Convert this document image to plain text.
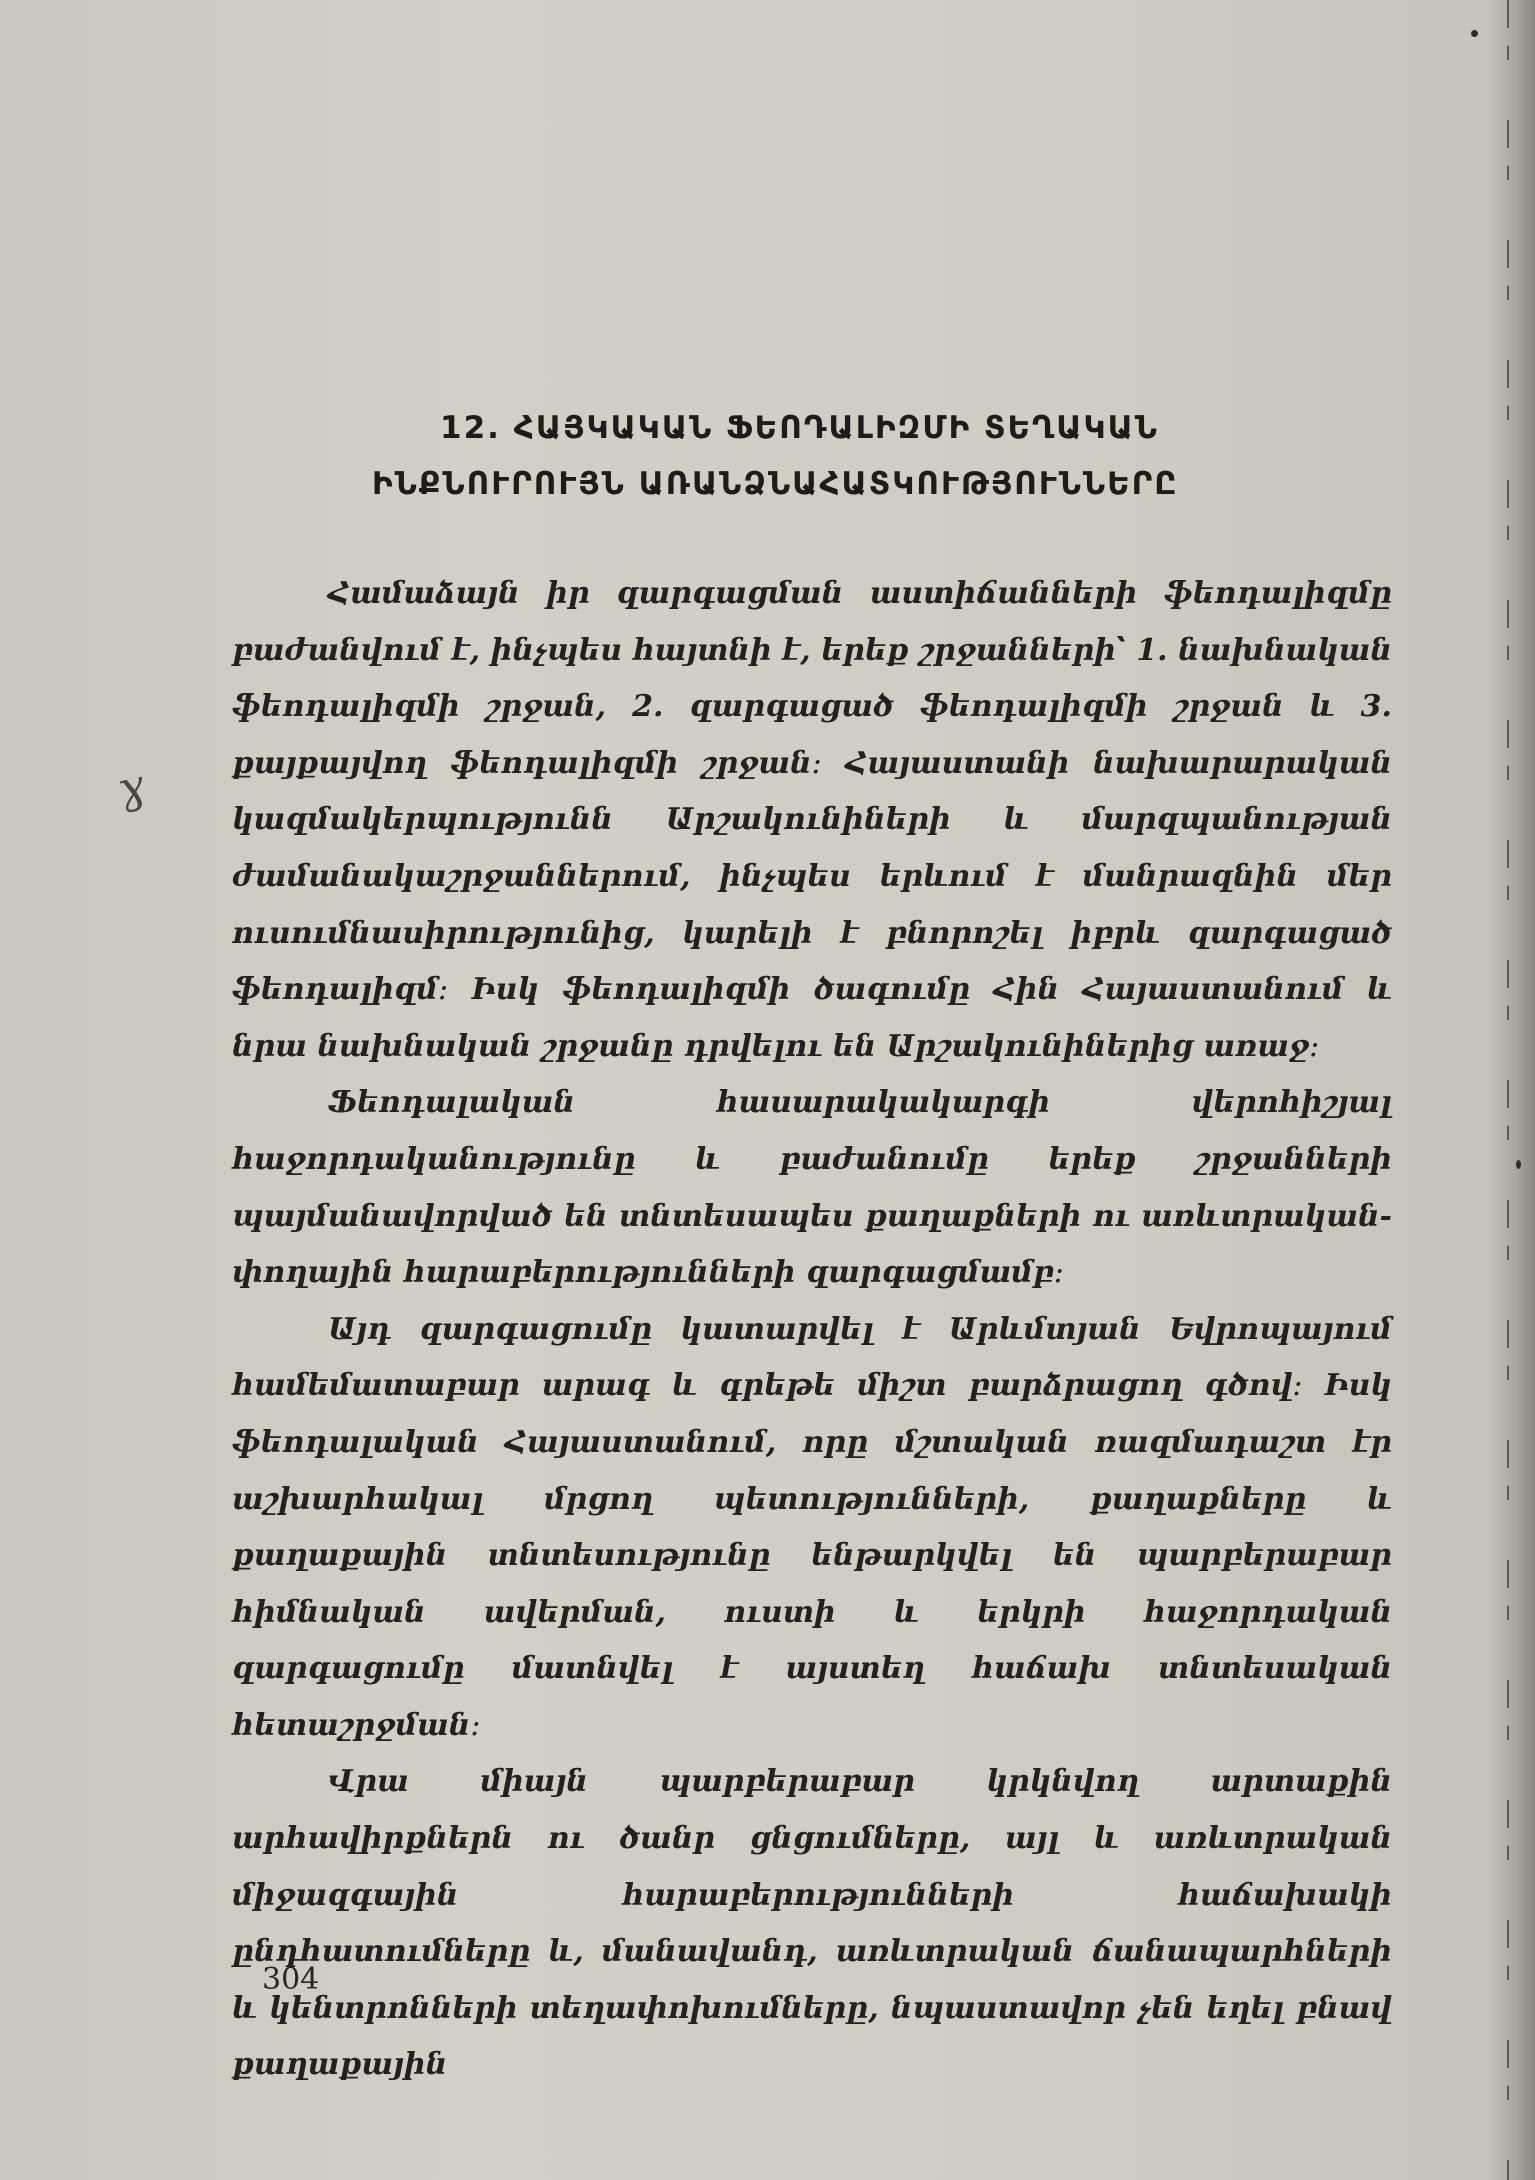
12. ՀԱՅԿԱԿԱՆ ՖԵՈԴԱԼԻԶՄԻ ՏԵՂԱԿԱՆ
ԻՆՔՆՈՒՐՈՒՅՆ ԱՌԱՆՁՆԱՀԱՏԿՈՒԹՅՈՒՆՆԵՐԸ
ɣ

Համաձայն իր զարգացման աստիճանների ֆեոդալիզմը բաժանվում է, ինչպես հայտնի է, երեք շրջանների՝ 1. նախնական ֆեոդալիզմի շրջան, 2. զարգացած ֆեոդալիզմի շրջան և 3. քայքայվող ֆեոդալիզմի շրջան։ Հայաստանի նախարարական կազմակերպությունն Արշակունիների և մարզպանության ժամանակաշրջաններում, ինչպես երևում է մանրազնին մեր ուսումնասիրությունից, կարելի է բնորոշել իբրև զարգացած ֆեոդալիզմ։ Իսկ ֆեոդալիզմի ծագումը Հին Հայաստանում և նրա նախնական շրջանը դրվելու են Արշակունիներից առաջ։

Ֆեոդալական հասարակակարգի վերոհիշյալ հաջորդականությունը և բաժանումը երեք շրջանների պայմանավորված են տնտեսապես քաղաքների ու առևտրական-փողային հարաբերությունների զարգացմամբ։

Այդ զարգացումը կատարվել է Արևմտյան Եվրոպայում համեմատաբար արագ և գրեթե միշտ բարձրացող գծով։ Իսկ ֆեոդալական Հայաստանում, որը մշտական ռազմադաշտ էր աշխարհակալ մրցող պետությունների, քաղաքները և քաղաքային տնտեսությունը ենթարկվել են պարբերաբար հիմնական ավերման, ուստի և երկրի հաջորդական զարգացումը մատնվել է այստեղ հաճախ տնտեսական հետաշրջման։

Վրա միայն պարբերաբար կրկնվող արտաքին արհավիրքներն ու ծանր ցնցումները, այլ և առևտրական միջազգային հարաբերությունների հաճախակի ընդհատումները և, մանավանդ, առևտրական ճանապարհների և կենտրոնների տեղափոխումները, նպաստավոր չեն եղել բնավ քաղաքային

304
